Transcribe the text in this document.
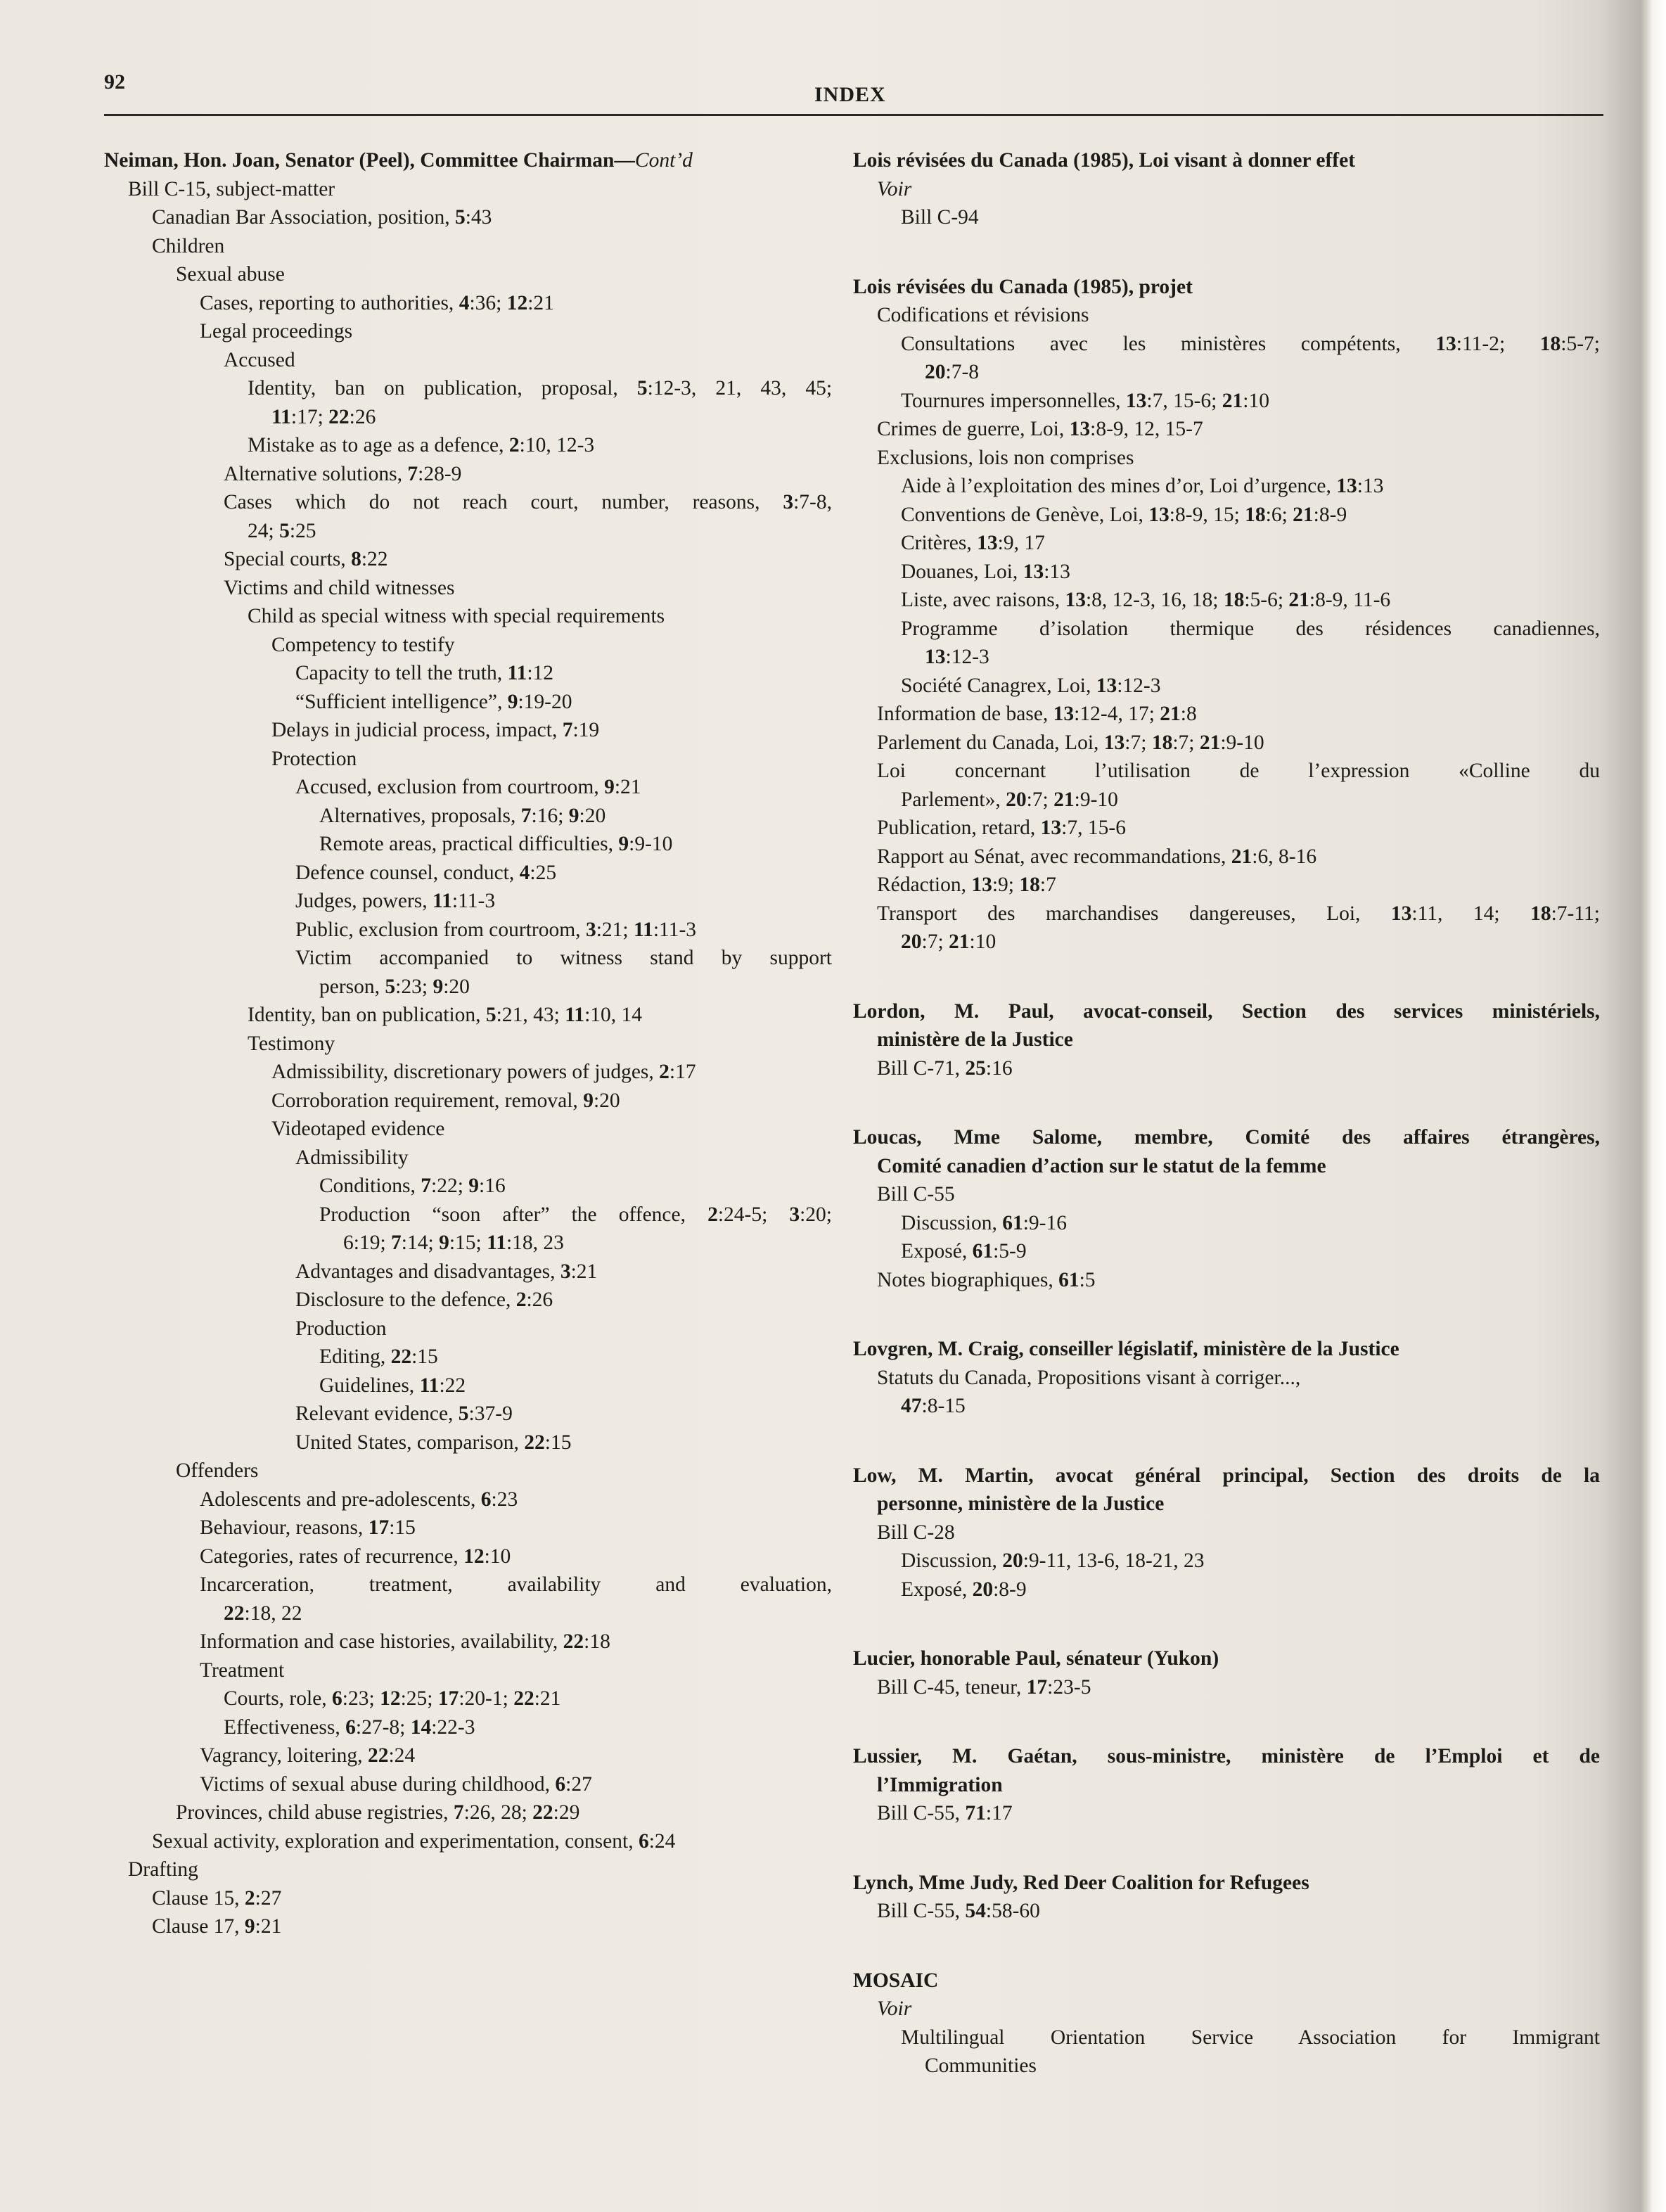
92
INDEX
Neiman, Hon. Joan, Senator (Peel), Committee Chairman—Cont’d
Bill C-15, subject-matter
Canadian Bar Association, position, 5:43
Children
Sexual abuse
Cases, reporting to authorities, 4:36; 12:21
Legal proceedings
Accused
Identity, ban on publication, proposal, 5:12-3, 21, 43, 45;
11:17; 22:26
Mistake as to age as a defence, 2:10, 12-3
Alternative solutions, 7:28-9
Cases which do not reach court, number, reasons, 3:7-8,
24; 5:25
Special courts, 8:22
Victims and child witnesses
Child as special witness with special requirements
Competency to testify
Capacity to tell the truth, 11:12
“Sufficient intelligence”, 9:19-20
Delays in judicial process, impact, 7:19
Protection
Accused, exclusion from courtroom, 9:21
Alternatives, proposals, 7:16; 9:20
Remote areas, practical difficulties, 9:9-10
Defence counsel, conduct, 4:25
Judges, powers, 11:11-3
Public, exclusion from courtroom, 3:21; 11:11-3
Victim accompanied to witness stand by support
person, 5:23; 9:20
Identity, ban on publication, 5:21, 43; 11:10, 14
Testimony
Admissibility, discretionary powers of judges, 2:17
Corroboration requirement, removal, 9:20
Videotaped evidence
Admissibility
Conditions, 7:22; 9:16
Production “soon after” the offence, 2:24-5; 3:20;
6:19; 7:14; 9:15; 11:18, 23
Advantages and disadvantages, 3:21
Disclosure to the defence, 2:26
Production
Editing, 22:15
Guidelines, 11:22
Relevant evidence, 5:37-9
United States, comparison, 22:15
Offenders
Adolescents and pre-adolescents, 6:23
Behaviour, reasons, 17:15
Categories, rates of recurrence, 12:10
Incarceration, treatment, availability and evaluation,
22:18, 22
Information and case histories, availability, 22:18
Treatment
Courts, role, 6:23; 12:25; 17:20-1; 22:21
Effectiveness, 6:27-8; 14:22-3
Vagrancy, loitering, 22:24
Victims of sexual abuse during childhood, 6:27
Provinces, child abuse registries, 7:26, 28; 22:29
Sexual activity, exploration and experimentation, consent, 6:24
Drafting
Clause 15, 2:27
Clause 17, 9:21
Lois révisées du Canada (1985), Loi visant à donner effet
Voir
Bill C-94
Lois révisées du Canada (1985), projet
Codifications et révisions
Consultations avec les ministères compétents, 13:11-2; 18:5-7;
20:7-8
Tournures impersonnelles, 13:7, 15-6; 21:10
Crimes de guerre, Loi, 13:8-9, 12, 15-7
Exclusions, lois non comprises
Aide à l’exploitation des mines d’or, Loi d’urgence, 13:13
Conventions de Genève, Loi, 13:8-9, 15; 18:6; 21:8-9
Critères, 13:9, 17
Douanes, Loi, 13:13
Liste, avec raisons, 13:8, 12-3, 16, 18; 18:5-6; 21:8-9, 11-6
Programme d’isolation thermique des résidences canadiennes,
13:12-3
Société Canagrex, Loi, 13:12-3
Information de base, 13:12-4, 17; 21:8
Parlement du Canada, Loi, 13:7; 18:7; 21:9-10
Loi concernant l’utilisation de l’expression «Colline du
Parlement», 20:7; 21:9-10
Publication, retard, 13:7, 15-6
Rapport au Sénat, avec recommandations, 21:6, 8-16
Rédaction, 13:9; 18:7
Transport des marchandises dangereuses, Loi, 13:11, 14; 18:7-11;
20:7; 21:10
Lordon, M. Paul, avocat-conseil, Section des services ministériels,
ministère de la Justice
Bill C-71, 25:16
Loucas, Mme Salome, membre, Comité des affaires étrangères,
Comité canadien d’action sur le statut de la femme
Bill C-55
Discussion, 61:9-16
Exposé, 61:5-9
Notes biographiques, 61:5
Lovgren, M. Craig, conseiller législatif, ministère de la Justice
Statuts du Canada, Propositions visant à corriger...,
47:8-15
Low, M. Martin, avocat général principal, Section des droits de la
personne, ministère de la Justice
Bill C-28
Discussion, 20:9-11, 13-6, 18-21, 23
Exposé, 20:8-9
Lucier, honorable Paul, sénateur (Yukon)
Bill C-45, teneur, 17:23-5
Lussier, M. Gaétan, sous-ministre, ministère de l’Emploi et de
l’Immigration
Bill C-55, 71:17
Lynch, Mme Judy, Red Deer Coalition for Refugees
Bill C-55, 54:58-60
MOSAIC
Voir
Multilingual Orientation Service Association for Immigrant
Communities
